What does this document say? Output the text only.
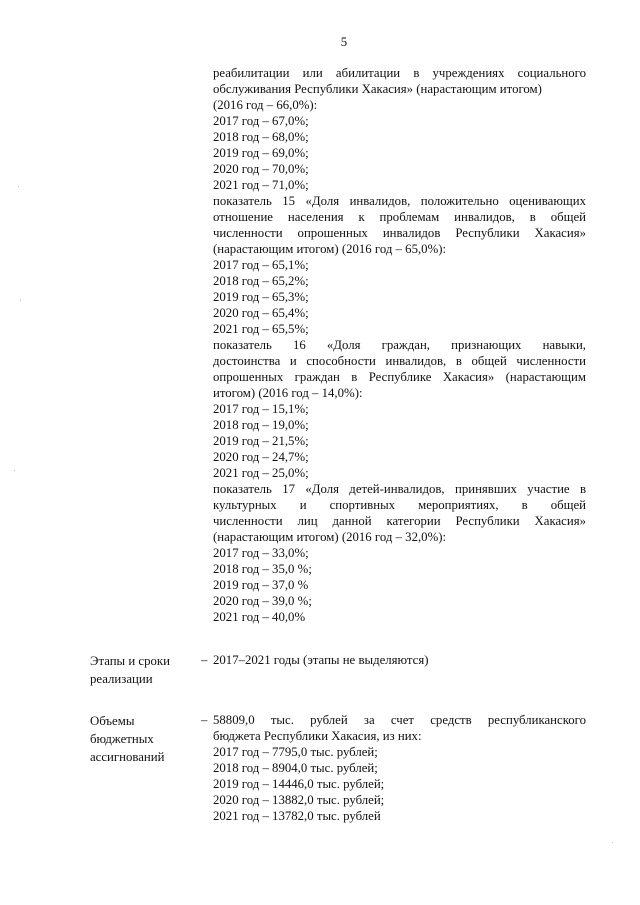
5
реабилитации или абилитации в учреждениях социального
обслуживания Республики Хакасия» (нарастающим итогом)
(2016 год – 66,0%):
2017 год – 67,0%;
2018 год – 68,0%;
2019 год – 69,0%;
2020 год – 70,0%;
2021 год – 71,0%;
показатель 15 «Доля инвалидов, положительно оценивающих
отношение населения к проблемам инвалидов, в общей
численности опрошенных инвалидов Республики Хакасия»
(нарастающим итогом) (2016 год – 65,0%):
2017 год – 65,1%;
2018 год – 65,2%;
2019 год – 65,3%;
2020 год – 65,4%;
2021 год – 65,5%;
показатель 16 «Доля граждан, признающих навыки,
достоинства и способности инвалидов, в общей численности
опрошенных граждан в Республике Хакасия» (нарастающим
итогом) (2016 год – 14,0%):
2017 год – 15,1%;
2018 год – 19,0%;
2019 год – 21,5%;
2020 год – 24,7%;
2021 год – 25,0%;
показатель 17 «Доля детей-инвалидов, принявших участие в
культурных и спортивных мероприятиях, в общей
численности лиц данной категории Республики Хакасия»
(нарастающим итогом) (2016 год – 32,0%):
2017 год – 33,0%;
2018 год – 35,0 %;
2019 год – 37,0 %
2020 год – 39,0 %;
2021 год – 40,0%
Этапы и сроки
реализации
– 2017–2021 годы (этапы не выделяются)
Объемы
бюджетных
ассигнований
– 58809,0 тыс. рублей за счет средств республиканского
бюджета Республики Хакасия, из них:
2017 год – 7795,0 тыс. рублей;
2018 год – 8904,0 тыс. рублей;
2019 год – 14446,0 тыс. рублей;
2020 год – 13882,0 тыс. рублей;
2021 год – 13782,0 тыс. рублей
